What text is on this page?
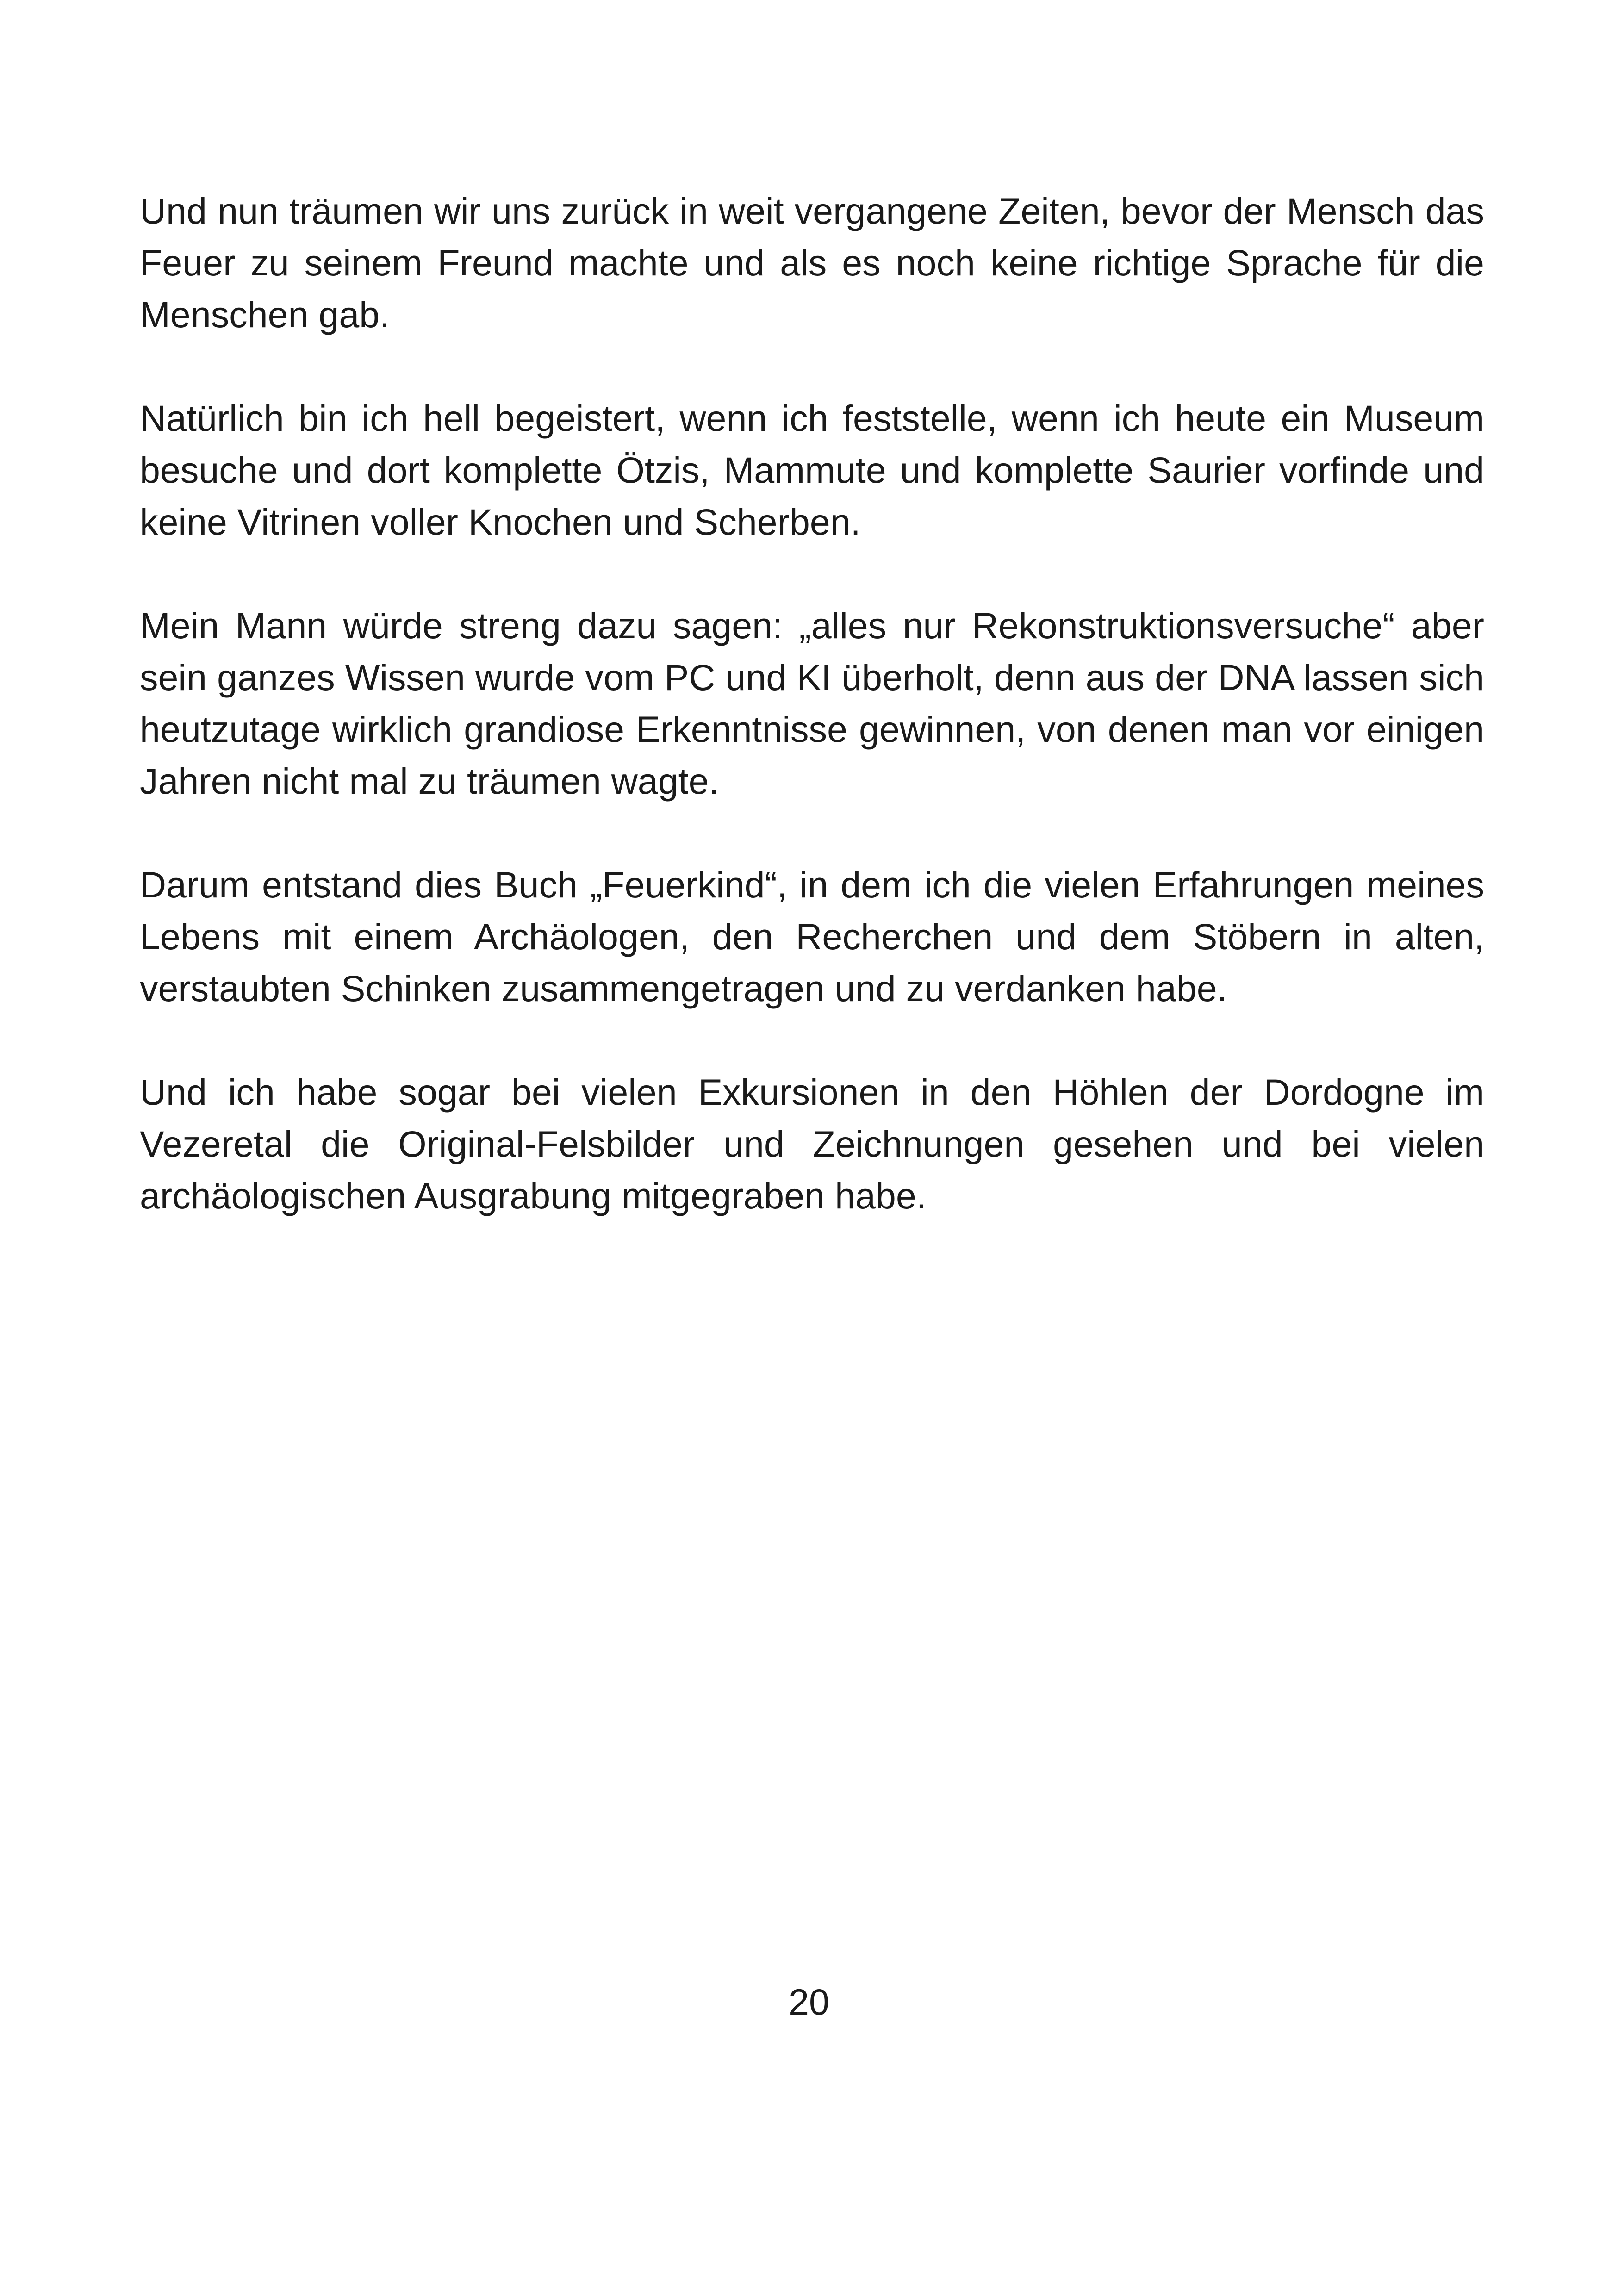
Und nun träumen wir uns zurück in weit vergangene Zeiten, bevor der Mensch das Feuer zu seinem Freund machte und als es noch keine richtige Sprache für die Menschen gab.

Natürlich bin ich hell begeistert, wenn ich feststelle, wenn ich heute ein Museum besuche und dort komplette Ötzis, Mammute und komplette Saurier vorfinde und keine Vitrinen voller Knochen und Scherben.

Mein Mann würde streng dazu sagen: „alles nur Rekonstruktionsversuche“ aber sein ganzes Wissen wurde vom PC und KI überholt, denn aus der DNA lassen sich heutzutage wirklich grandiose Erkenntnisse gewinnen, von denen man vor einigen Jahren nicht mal zu träumen wagte.

Darum entstand dies Buch „Feuerkind“, in dem ich die vielen Erfahrungen meines Lebens mit einem Archäologen, den Recherchen und dem Stöbern in alten, verstaubten Schinken zusammengetragen und zu verdanken habe.

Und ich habe sogar bei vielen Exkursionen in den Höhlen der Dordogne im Vezeretal die Original-Felsbilder und Zeichnungen gesehen und bei vielen archäologischen Ausgrabung mitgegraben habe.

20
